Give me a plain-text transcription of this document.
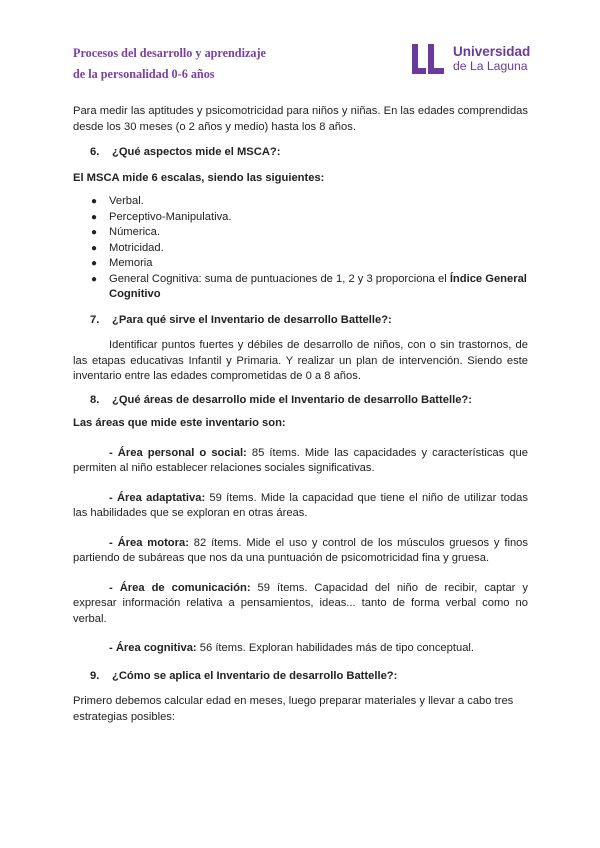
Procesos del desarrollo y aprendizaje
de la personalidad 0-6 años
Universidad
de La Laguna

Para medir las aptitudes y psicomotricidad para niños y niñas. En las edades comprendidas desde los 30 meses (o 2 años y medio) hasta los 8 años.

6.	¿Qué aspectos mide el MSCA?:

El MSCA mide 6 escalas, siendo las siguientes:

●	Verbal.
●	Perceptivo-Manipulativa.
●	Númerica.
●	Motricidad.
●	Memoria
●	General Cognitiva: suma de puntuaciones de 1, 2 y 3 proporciona el Índice General Cognitivo

7.	¿Para qué sirve el Inventario de desarrollo Battelle?:

Identificar puntos fuertes y débiles de desarrollo de niños, con o sin trastornos, de las etapas educativas Infantil y Primaria. Y realizar un plan de intervención. Siendo este inventario entre las edades comprometidas de 0 a 8 años.

8.	¿Qué áreas de desarrollo mide el Inventario de desarrollo Battelle?:

Las áreas que mide este inventario son:

- Área personal o social: 85 ítems. Mide las capacidades y características que permiten al niño establecer relaciones sociales significativas.

- Área adaptativa: 59 ítems. Mide la capacidad que tiene el niño de utilizar todas las habilidades que se exploran en otras áreas.

- Área motora: 82 ítems. Mide el uso y control de los músculos gruesos y finos partiendo de subáreas que nos da una puntuación de psicomotricidad fina y gruesa.

- Área de comunicación: 59 ítems. Capacidad del niño de recibir, captar y expresar información relativa a pensamientos, ideas... tanto de forma verbal como no verbal.

- Área cognitiva: 56 ítems. Exploran habilidades más de tipo conceptual.

9.	¿Cómo se aplica el Inventario de desarrollo Battelle?:

Primero debemos calcular edad en meses, luego preparar materiales y llevar a cabo tres estrategias posibles:
